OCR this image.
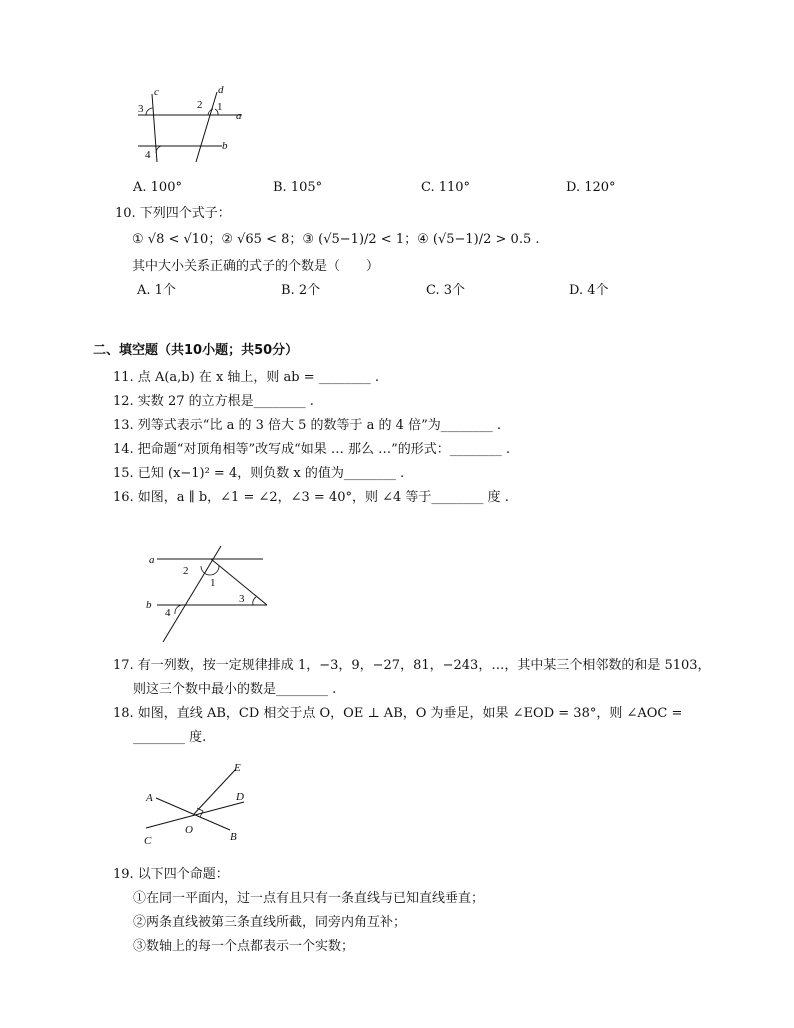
c	d
a
b
3	2 1
4
A. 100°	B. 105°	C. 110°	D. 120°
10. 下列四个式子：
① √8 < √10；② √65 < 8；③ (√5−1)/2 < 1；④ (√5−1)/2 > 0.5 .
其中大小关系正确的式子的个数是（　　）
A. 1个	B. 2个	C. 3个	D. 4个
二、填空题（共10小题；共50分）
11. 点 A(a,b) 在 x 轴上，则 ab = ________ .
12. 实数 27 的立方根是________ .
13. 列等式表示“比 a 的 3 倍大 5 的数等于 a 的 4 倍”为________ .
14. 把命题“对顶角相等”改写成“如果 … 那么 …”的形式：________ .
15. 已知 (x−1)² = 4，则负数 x 的值为________ .
16. 如图，a ∥ b，∠1 = ∠2，∠3 = 40°，则 ∠4 等于________ 度 .
a
b
2
1
3
4
17. 有一列数，按一定规律排成 1，−3，9，−27，81，−243，…，其中某三个相邻数的和是 5103，
则这三个数中最小的数是________ .
18. 如图，直线 AB，CD 相交于点 O，OE ⊥ AB，O 为垂足，如果 ∠EOD = 38°，则 ∠AOC =
________ 度.
A
B
C
D
E
O
19. 以下四个命题：
①在同一平面内，过一点有且只有一条直线与已知直线垂直；
②两条直线被第三条直线所截，同旁内角互补；
③数轴上的每一个点都表示一个实数；
